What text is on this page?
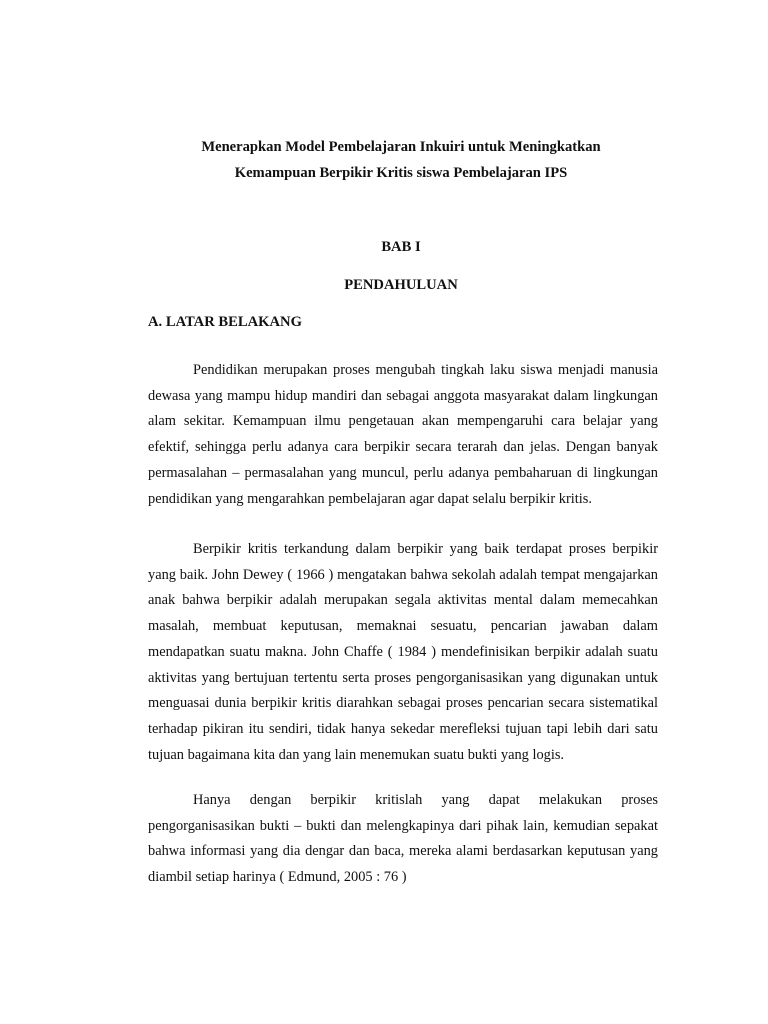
Menerapkan Model Pembelajaran Inkuiri untuk Meningkatkan
Kemampuan Berpikir Kritis siswa Pembelajaran IPS
BAB I
PENDAHULUAN
A. LATAR BELAKANG

Pendidikan merupakan proses mengubah tingkah laku siswa menjadi manusia dewasa yang mampu hidup mandiri dan sebagai anggota masyarakat dalam lingkungan alam sekitar. Kemampuan ilmu pengetauan akan mempengaruhi cara belajar yang efektif, sehingga perlu adanya cara berpikir secara terarah dan jelas. Dengan banyak permasalahan – permasalahan yang muncul, perlu adanya pembaharuan di lingkungan pendidikan yang mengarahkan pembelajaran agar dapat selalu berpikir kritis.

Berpikir kritis terkandung dalam berpikir yang baik terdapat proses berpikir yang baik. John Dewey ( 1966 ) mengatakan bahwa sekolah adalah tempat mengajarkan anak bahwa berpikir adalah merupakan segala aktivitas mental dalam memecahkan masalah, membuat keputusan, memaknai sesuatu, pencarian jawaban dalam mendapatkan suatu makna. John Chaffe ( 1984 ) mendefinisikan berpikir adalah suatu aktivitas yang bertujuan tertentu serta proses pengorganisasikan yang digunakan untuk menguasai dunia berpikir kritis diarahkan sebagai proses pencarian secara sistematikal terhadap pikiran itu sendiri, tidak hanya sekedar merefleksi tujuan tapi lebih dari satu tujuan bagaimana kita dan yang lain menemukan suatu bukti yang logis.

Hanya dengan berpikir kritislah yang dapat melakukan proses pengorganisasikan bukti – bukti dan melengkapinya dari pihak lain, kemudian sepakat bahwa informasi yang dia dengar dan baca, mereka alami berdasarkan keputusan yang diambil setiap harinya ( Edmund, 2005 : 76 )
